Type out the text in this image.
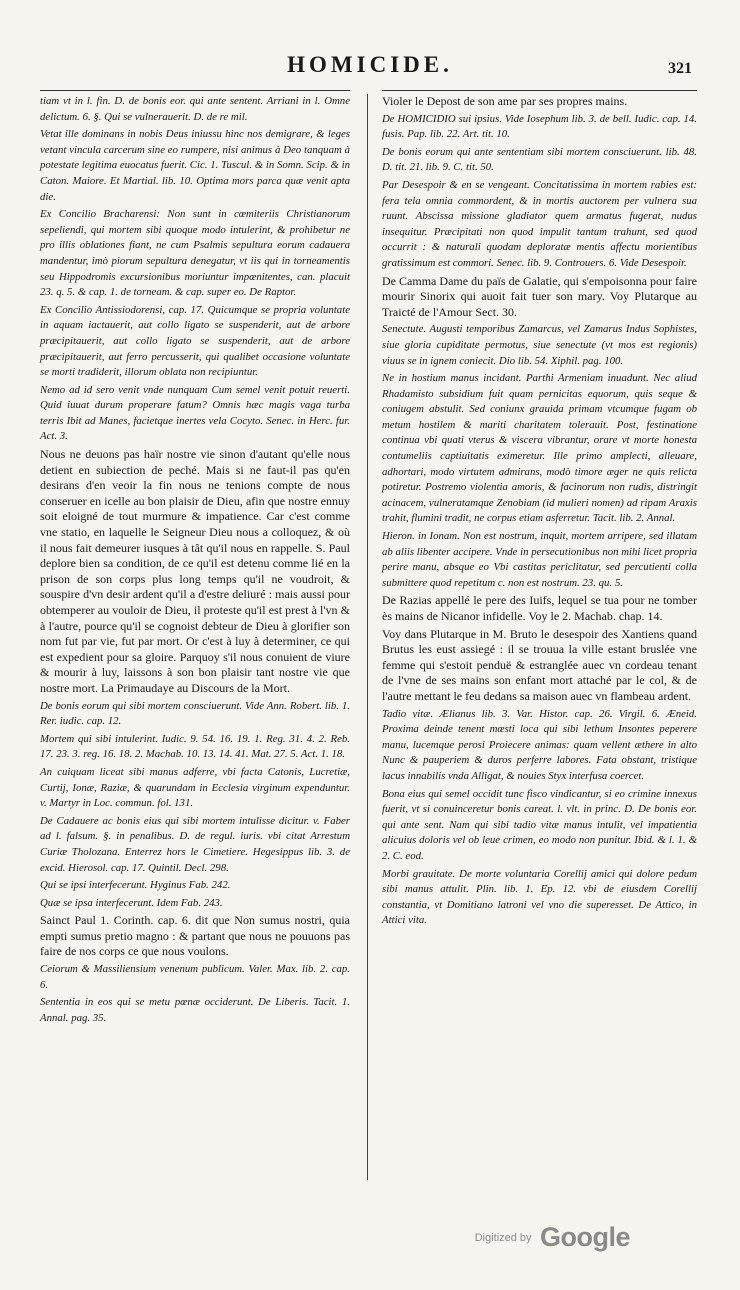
HOMICIDE.	321

tiam vt in l. fin. D. de bonis eor. qui ante sentent. Arriani in l. Omne delictum. 6. §. Qui se vulnerauerit. D. de re mil.

Vetat ille dominans in nobis Deus iniussu hinc nos demigrare, & leges vetant vincula carcerum sine eo rumpere, nisi animus à Deo tanquam à potestate legitima euocatus fuerit. Cic. 1. Tuscul. & in Somn. Scip. & in Caton. Maiore. Et Martial. lib. 10. Optima mors parca quæ venit apta die.

Ex Concilio Bracharensi: Non sunt in cœmiteriis Christianorum sepeliendi, qui mortem sibi quoque modo intulerint, & prohibetur ne pro illis oblationes fiant, ne cum Psalmis sepultura eorum cadauera mandentur, imò piorum sepultura denegatur, vt iis qui in torneamentis seu Hippodromis excursionibus moriuntur impœnitentes, can. placuit 23. q. 5. & cap. 1. de torneam. & cap. super eo. De Raptor.

Ex Concilio Antissiodorensi, cap. 17. Quicumque se propria voluntate in aquam iactauerit, aut collo ligato se suspenderit, aut de arbore præcipitauerit, aut collo ligato se suspenderit, aut de arbore præcipitauerit, aut ferro percusserit, qui qualibet occasione voluntate se morti tradiderit, illorum oblata non recipiuntur.

Nemo ad id sero venit vnde nunquam Cum semel venit potuit reuerti. Quid iuuat durum properare fatum? Omnis hæc magis vaga turba terris Ibit ad Manes, facietque inertes vela Cocyto. Senec. in Herc. fur. Act. 3.

Nous ne deuons pas haïr nostre vie sinon d'autant qu'elle nous detient en subiection de peché. Mais si ne faut-il pas qu'en desirans d'en veoir la fin nous ne tenions compte de nous conseruer en icelle au bon plaisir de Dieu, afin que nostre ennuy soit eloigné de tout murmure & impatience. Car c'est comme vne statio, en laquelle le Seigneur Dieu nous a colloquez, & où il nous fait demeurer iusques à tât qu'il nous en rappelle. S. Paul deplore bien sa condition, de ce qu'il est detenu comme lié en la prison de son corps plus long temps qu'il ne voudroit, & souspire d'vn desir ardent qu'il a d'estre deliuré : mais aussi pour obtemperer au vouloir de Dieu, il proteste qu'il est prest à l'vn & à l'autre, pource qu'il se cognoist debteur de Dieu à glorifier son nom fut par vie, fut par mort. Or c'est à luy à determiner, ce qui est expedient pour sa gloire. Parquoy s'il nous conuient de viure & mourir à luy, laissons à son bon plaisir tant nostre vie que nostre mort. La Primaudaye au Discours de la Mort.

De bonis eorum qui sibi mortem consciuerunt. Vide Ann. Robert. lib. 1. Rer. iudic. cap. 12.

Mortem qui sibi intulerint. Iudic. 9. 54. 16. 19. 1. Reg. 31. 4. 2. Reb. 17. 23. 3. reg. 16. 18. 2. Machab. 10. 13. 14. 41. Mat. 27. 5. Act. 1. 18.

An cuiquam liceat sibi manus adferre, vbi facta Catonis, Lucretiæ, Curtij, Ionæ, Raziæ, & quarundam in Ecclesia virginum expenduntur. v. Martyr in Loc. commun. fol. 131.

De Cadauere ac bonis eius qui sibi mortem intulisse dicitur. v. Faber ad l. falsum. §. in penalibus. D. de regul. iuris. vbi citat Arrestum Curiæ Tholozana. Enterrez hors le Cimetiere. Hegesippus lib. 3. de excid. Hierosol. cap. 17. Quintil. Decl. 298.

Qui se ipsi interfecerunt. Hyginus Fab. 242.

Quæ se ipsa interfecerunt. Idem Fab. 243.

Sainct Paul 1. Corinth. cap. 6. dit que Non sumus nostri, quia empti sumus pretio magno : & partant que nous ne pouuons pas faire de nos corps ce que nous voulons.

Ceiorum & Massiliensium venenum publicum. Valer. Max. lib. 2. cap. 6.

Sententia in eos qui se metu pœnæ occiderunt. De Liberis. Tacit. 1. Annal. pag. 35.

Violer le Depost de son ame par ses propres mains.

De HOMICIDIO sui ipsius. Vide Iosephum lib. 3. de bell. Iudic. cap. 14. fusis. Pap. lib. 22. Art. tit. 10.

De bonis eorum qui ante sententiam sibi mortem consciuerunt. lib. 48. D. tit. 21. lib. 9. C. tit. 50.

Par Desespoir & en se vengeant. Concitatissima in mortem rabies est: fera tela omnia commordent, & in mortis auctorem per vulnera sua ruunt. Abscissa missione gladiator quem armatus fugerat, nudus insequitur. Præcipitati non quod impulit tantum trahunt, sed quod occurrit : & naturali quodam deploratæ mentis affectu morientibus gratissimum est commori. Senec. lib. 9. Controuers. 6. Vide Desespoir.

De Camma Dame du païs de Galatie, qui s'empoisonna pour faire mourir Sinorix qui auoit fait tuer son mary. Voy Plutarque au Traicté de l'Amour Sect. 30.

Senectute. Augusti temporibus Zamarcus, vel Zamarus Indus Sophistes, siue gloria cupiditate permotus, siue senectute (vt mos est regionis) viuus se in ignem coniecit. Dio lib. 54. Xiphil. pag. 100.

Ne in hostium manus incidant. Parthi Armeniam inuadunt. Nec aliud Rhadamisto subsidium fuit quam pernicitas equorum, quis seque & coniugem abstulit. Sed coniunx grauida primam vtcumque fugam ob metum hostilem & mariti charitatem tolerauit. Post, festinatione continua vbi quati vterus & viscera vibrantur, orare vt morte honesta contumeliis captiuitatis eximeretur. Ille primo amplecti, alleuare, adhortari, modo virtutem admirans, modò timore æger ne quis relicta potiretur. Postremo violentia amoris, & facinorum non rudis, distringit acinacem, vulneratamque Zenobiam (id mulieri nomen) ad ripam Araxis trahit, flumini tradit, ne corpus etiam asferretur. Tacit. lib. 2. Annal.

Hieron. in Ionam. Non est nostrum, inquit, mortem arripere, sed illatam ab aliis libenter accipere. Vnde in persecutionibus non mihi licet propria perire manu, absque eo Vbi castitas periclitatur, sed percutienti colla submittere quod repetitum c. non est nostrum. 23. qu. 5.

De Razias appellé le pere des Iuifs, lequel se tua pour ne tomber ès mains de Nicanor infidelle. Voy le 2. Machab. chap. 14.

Voy dans Plutarque in M. Bruto le desespoir des Xantiens quand Brutus les eust assiegé : il se trouua la ville estant bruslée vne femme qui s'estoit penduë & estranglée auec vn cordeau tenant de l'vne de ses mains son enfant mort attaché par le col, & de l'autre mettant le feu dedans sa maison auec vn flambeau ardent.

Tadio vitæ. Ælianus lib. 3. Var. Histor. cap. 26. Virgil. 6. Æneid. Proxima deinde tenent mœsti loca qui sibi lethum Insontes peperere manu, lucemque perosi Proiecere animas: quam vellent æthere in alto Nunc & pauperiem & duros perferre labores. Fata obstant, tristique lacus innabilis vnda Alligat, & nouies Styx interfusa coercet.

Bona eius qui semel occidit tunc fisco vindicantur, si eo crimine innexus fuerit, vt si conuinceretur bonis careat. l. vlt. in princ. D. De bonis eor. qui ante sent. Nam qui sibi tadio vitæ manus intulit, vel impatientia alicuius doloris vel ob leue crimen, eo modo non punitur. Ibid. & l. 1. & 2. C. eod.

Morbi grauitate. De morte voluntaria Corellij amici qui dolore pedum sibi manus attulit. Plin. lib. 1. Ep. 12. vbi de eiusdem Corellij constantia, vt Domitiano latroni vel vno die superesset. De Attico, in Attici vita.

Digitized by Google
